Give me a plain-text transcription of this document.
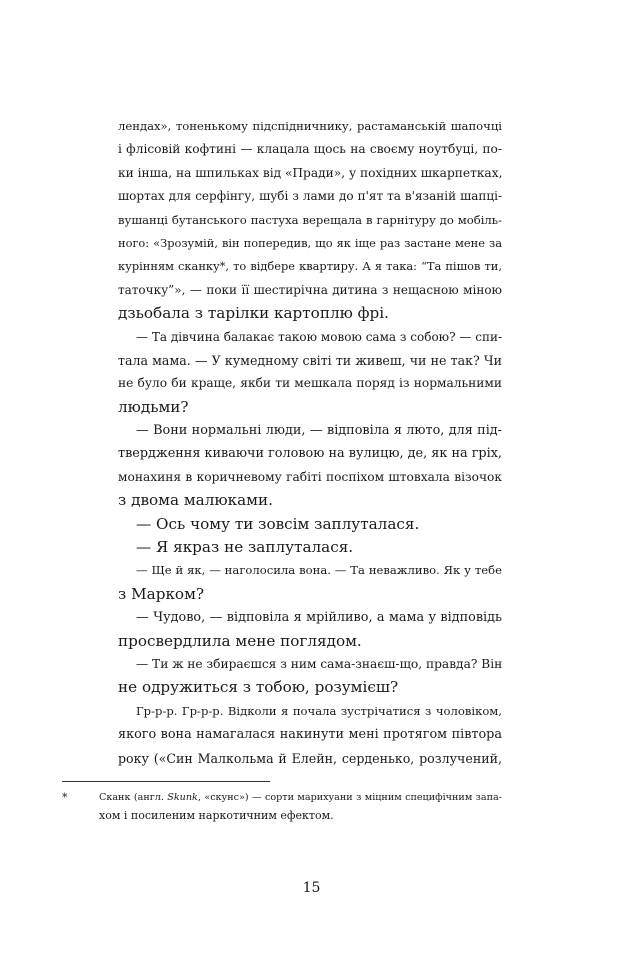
лендах», тоненькому підспідничнику, растаманській шапочці
і флісовій кофтині — клацала щось на своєму ноутбуці, по-
ки інша, на шпильках від «Пради», у похідних шкарпетках,
шортах для серфінгу, шубі з лами до п'ят та в'язаній шапці-
вушанці бутанського пастуха верещала в гарнітуру до мобіль-
ного: «Зрозумій, він попередив, що як іще раз застане мене за
курінням сканку*, то відбере квартиру. А я така: “Та пішов ти,
таточку”», — поки її шестирічна дитина з нещасною міною
дзьобала з тарілки картоплю фрі.
— Та дівчина балакає такою мовою сама з собою? — спи-
тала мама. — У кумедному світі ти живеш, чи не так? Чи
не було би краще, якби ти мешкала поряд із нормальними
людьми?
— Вони нормальні люди, — відповіла я люто, для під-
твердження киваючи головою на вулицю, де, як на гріх,
монахиня в коричневому габіті поспіхом штовхала візочок
з двома малюками.
— Ось чому ти зовсім заплуталася.
— Я якраз не заплуталася.
— Ще й як, — наголосила вона. — Та неважливо. Як у тебе
з Марком?
— Чудово, — відповіла я мрійливо, а мама у відповідь
просвердлила мене поглядом.
— Ти ж не збираєшся з ним сама-знаєш-що, правда? Він
не одружиться з тобою, розумієш?
Гр-р-р. Гр-р-р. Відколи я почала зустрічатися з чоловіком,
якого вона намагалася накинути мені протягом півтора
року («Син Малкольма й Елейн, серденько, розлучений,
*	Сканк (англ. Skunk, «скунс») — сорти марихуани з міцним специфічним запа-
хом і посиленим наркотичним ефектом.
15
